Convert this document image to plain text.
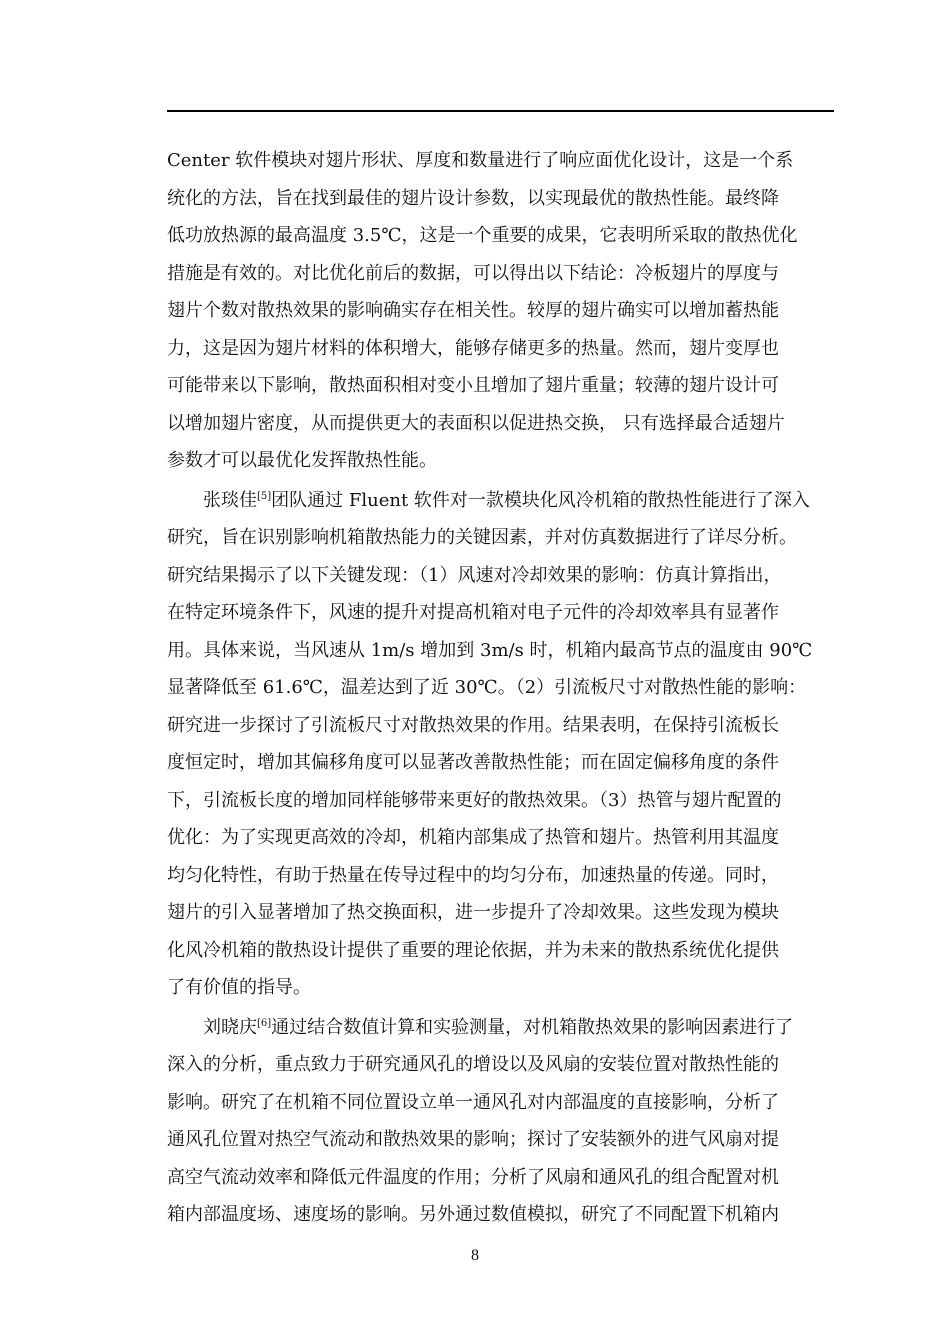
Center 软件模块对翅片形状、厚度和数量进行了响应面优化设计，这是一个系
统化的方法，旨在找到最佳的翅片设计参数，以实现最优的散热性能。最终降
低功放热源的最高温度 3.5℃，这是一个重要的成果，它表明所采取的散热优化
措施是有效的。对比优化前后的数据，可以得出以下结论：冷板翅片的厚度与
翅片个数对散热效果的影响确实存在相关性。较厚的翅片确实可以增加蓄热能
力，这是因为翅片材料的体积增大，能够存储更多的热量。然而，翅片变厚也
可能带来以下影响，散热面积相对变小且增加了翅片重量；较薄的翅片设计可
以增加翅片密度，从而提供更大的表面积以促进热交换， 只有选择最合适翅片
参数才可以最优化发挥散热性能。
张琰佳[5]团队通过 Fluent 软件对一款模块化风冷机箱的散热性能进行了深入
研究，旨在识别影响机箱散热能力的关键因素，并对仿真数据进行了详尽分析。
研究结果揭示了以下关键发现：（1）风速对冷却效果的影响：仿真计算指出，
在特定环境条件下，风速的提升对提高机箱对电子元件的冷却效率具有显著作
用。具体来说，当风速从 1m/s 增加到 3m/s 时，机箱内最高节点的温度由 90℃
显著降低至 61.6℃，温差达到了近 30℃。（2）引流板尺寸对散热性能的影响：
研究进一步探讨了引流板尺寸对散热效果的作用。结果表明，在保持引流板长
度恒定时，增加其偏移角度可以显著改善散热性能；而在固定偏移角度的条件
下，引流板长度的增加同样能够带来更好的散热效果。（3）热管与翅片配置的
优化：为了实现更高效的冷却，机箱内部集成了热管和翅片。热管利用其温度
均匀化特性，有助于热量在传导过程中的均匀分布，加速热量的传递。同时，
翅片的引入显著增加了热交换面积，进一步提升了冷却效果。这些发现为模块
化风冷机箱的散热设计提供了重要的理论依据，并为未来的散热系统优化提供
了有价值的指导。
刘晓庆[6]通过结合数值计算和实验测量，对机箱散热效果的影响因素进行了
深入的分析，重点致力于研究通风孔的增设以及风扇的安装位置对散热性能的
影响。研究了在机箱不同位置设立单一通风孔对内部温度的直接影响，分析了
通风孔位置对热空气流动和散热效果的影响；探讨了安装额外的进气风扇对提
高空气流动效率和降低元件温度的作用；分析了风扇和通风孔的组合配置对机
箱内部温度场、速度场的影响。另外通过数值模拟，研究了不同配置下机箱内
8
